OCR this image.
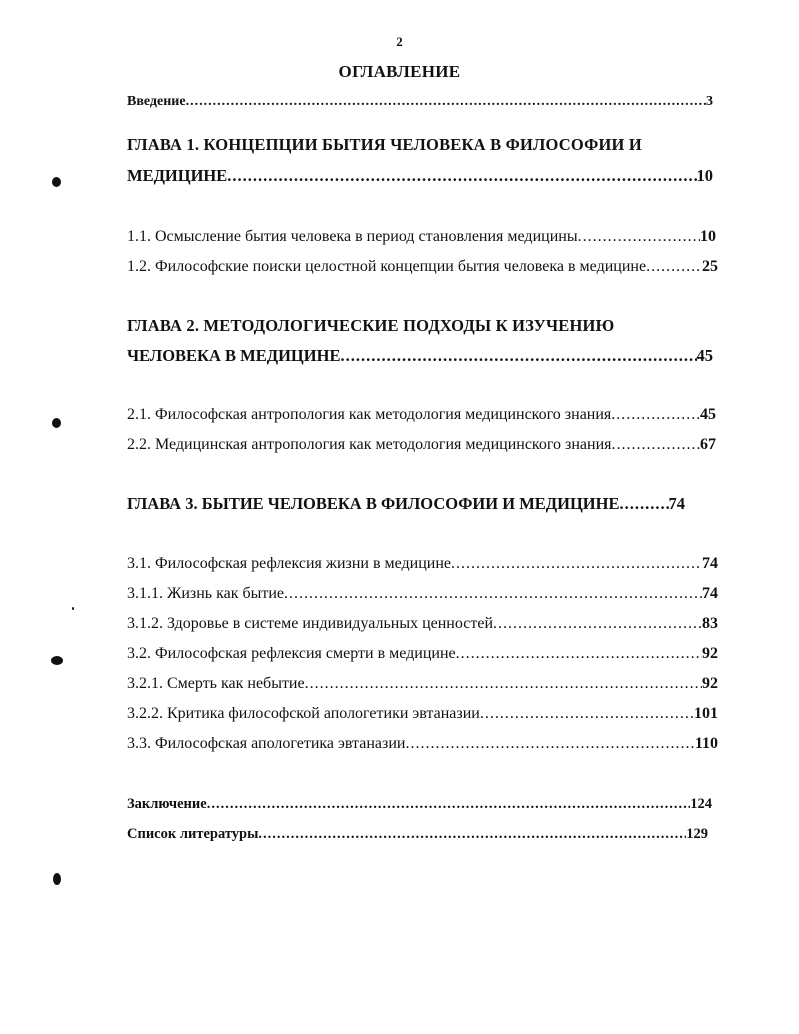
2
ОГЛАВЛЕНИЕ
Введение .....	3
ГЛАВА 1. КОНЦЕПЦИИ БЫТИЯ ЧЕЛОВЕКА В ФИЛОСОФИИ И
МЕДИЦИНЕ .....	10
1.1. Осмысление бытия человека в период становления медицины .....	10
1.2. Философские поиски целостной концепции бытия человека в медицине .....	25
ГЛАВА 2. МЕТОДОЛОГИЧЕСКИЕ ПОДХОДЫ К ИЗУЧЕНИЮ
ЧЕЛОВЕКА В МЕДИЦИНЕ .....	45
2.1. Философская антропология как методология медицинского знания .....	45
2.2. Медицинская антропология как методология медицинского знания .....	67
ГЛАВА 3. БЫТИЕ ЧЕЛОВЕКА В ФИЛОСОФИИ И МЕДИЦИНЕ .....	74
3.1. Философская рефлексия жизни в медицине .....	74
3.1.1. Жизнь как бытие .....	74
3.1.2. Здоровье в системе индивидуальных ценностей .....	83
3.2. Философская рефлексия смерти в медицине .....	92
3.2.1. Смерть как небытие .....	92
3.2.2. Критика философской апологетики эвтаназии .....	101
3.3. Философская апологетика эвтаназии .....	110
Заключение .....	124
Список литературы .....	129
